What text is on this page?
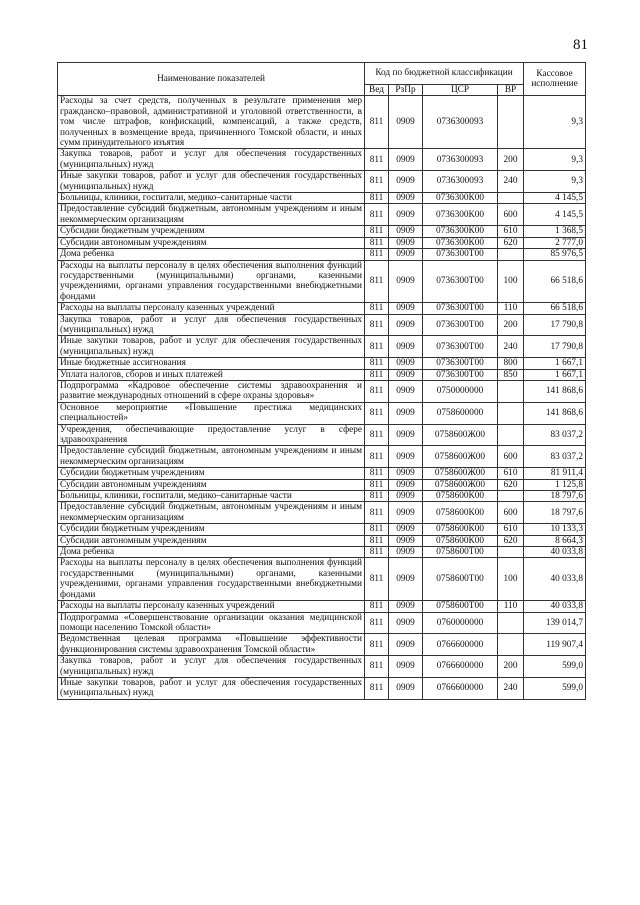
81
Наименование показателей	Код по бюджетной классификации				Кассовое исполнение
	Вед	РзПр	ЦСР	ВР	
Расходы за счет средств, полученных в результате применения мер гражданско–правовой, административной и уголовной ответственности, в том числе штрафов, конфискаций, компенсаций, а также средств, полученных в возмещение вреда, причиненного Томской области, и иных сумм принудительного изъятия	811	0909	0736300093		9,3
Закупка товаров, работ и услуг для обеспечения государственных (муниципальных) нужд	811	0909	0736300093	200	9,3
Иные закупки товаров, работ и услуг для обеспечения государственных (муниципальных) нужд	811	0909	0736300093	240	9,3
Больницы, клиники, госпитали, медико–санитарные части	811	0909	0736300К00		4 145,5
Предоставление субсидий бюджетным, автономным учреждениям и иным некоммерческим организациям	811	0909	0736300К00	600	4 145,5
Субсидии бюджетным учреждениям	811	0909	0736300К00	610	1 368,5
Субсидии автономным учреждениям	811	0909	0736300К00	620	2 777,0
Дома ребенка	811	0909	0736300Т00		85 976,5
Расходы на выплаты персоналу в целях обеспечения выполнения функций государственными (муниципальными) органами, казенными учреждениями, органами управления государственными внебюджетными фондами	811	0909	0736300Т00	100	66 518,6
Расходы на выплаты персоналу казенных учреждений	811	0909	0736300Т00	110	66 518,6
Закупка товаров, работ и услуг для обеспечения государственных (муниципальных) нужд	811	0909	0736300Т00	200	17 790,8
Иные закупки товаров, работ и услуг для обеспечения государственных (муниципальных) нужд	811	0909	0736300Т00	240	17 790,8
Иные бюджетные ассигнования	811	0909	0736300Т00	800	1 667,1
Уплата налогов, сборов и иных платежей	811	0909	0736300Т00	850	1 667,1
Подпрограмма «Кадровое обеспечение системы здравоохранения и развитие международных отношений в сфере охраны здоровья»	811	0909	0750000000		141 868,6
Основное мероприятие «Повышение престижа медицинских специальностей»	811	0909	0758600000		141 868,6
Учреждения, обеспечивающие предоставление услуг в сфере здравоохранения	811	0909	0758600Ж00		83 037,2
Предоставление субсидий бюджетным, автономным учреждениям и иным некоммерческим организациям	811	0909	0758600Ж00	600	83 037,2
Субсидии бюджетным учреждениям	811	0909	0758600Ж00	610	81 911,4
Субсидии автономным учреждениям	811	0909	0758600Ж00	620	1 125,8
Больницы, клиники, госпитали, медико–санитарные части	811	0909	0758600К00		18 797,6
Предоставление субсидий бюджетным, автономным учреждениям и иным некоммерческим организациям	811	0909	0758600К00	600	18 797,6
Субсидии бюджетным учреждениям	811	0909	0758600К00	610	10 133,3
Субсидии автономным учреждениям	811	0909	0758600К00	620	8 664,3
Дома ребенка	811	0909	0758600Т00		40 033,8
Расходы на выплаты персоналу в целях обеспечения выполнения функций государственными (муниципальными) органами, казенными учреждениями, органами управления государственными внебюджетными фондами	811	0909	0758600Т00	100	40 033,8
Расходы на выплаты персоналу казенных учреждений	811	0909	0758600Т00	110	40 033,8
Подпрограмма «Совершенствование организации оказания медицинской помощи населению Томской области»	811	0909	0760000000		139 014,7
Ведомственная целевая программа «Повышение эффективности функционирования системы здравоохранения Томской области»	811	0909	0766600000		119 907,4
Закупка товаров, работ и услуг для обеспечения государственных (муниципальных) нужд	811	0909	0766600000	200	599,0
Иные закупки товаров, работ и услуг для обеспечения государственных (муниципальных) нужд	811	0909	0766600000	240	599,0
